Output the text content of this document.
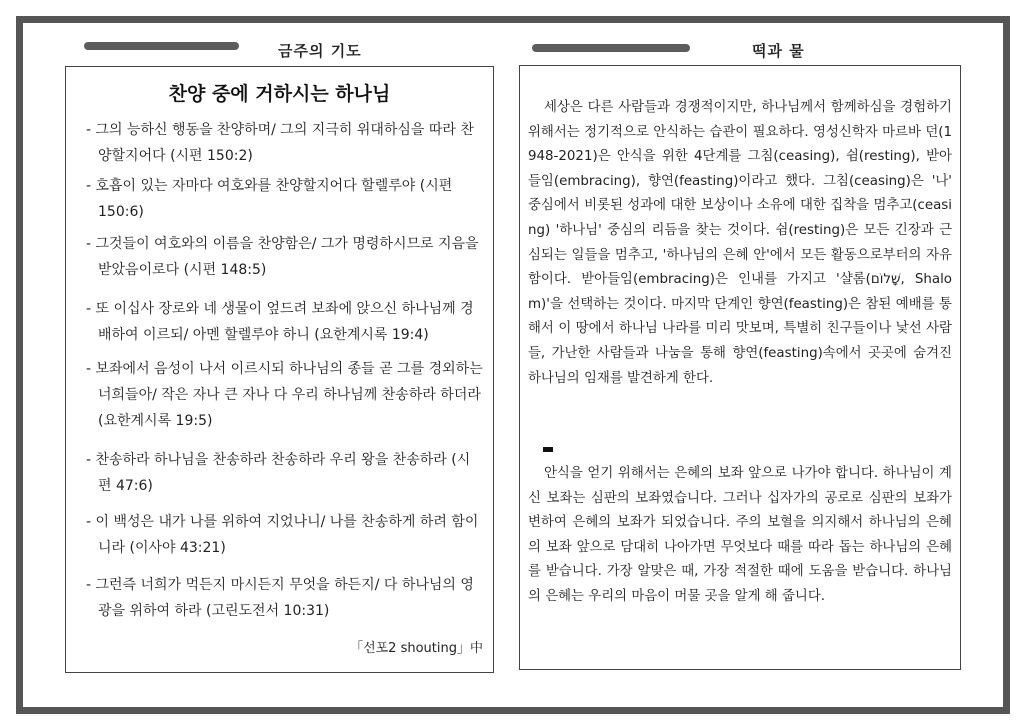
금주의 기도	떡과 물
찬양 중에 거하시는 하나님
- 그의 능하신 행동을 찬양하며/ 그의 지극히 위대하심을 따라 찬양할지어다 (시편 150:2)
- 호흡이 있는 자마다 여호와를 찬양할지어다 할렐루야 (시편 150:6)
- 그것들이 여호와의 이름을 찬양함은/ 그가 명령하시므로 지음을 받았음이로다 (시편 148:5)
- 또 이십사 장로와 네 생물이 엎드려 보좌에 앉으신 하나님께 경배하여 이르되/ 아멘 할렐루야 하니 (요한계시록 19:4)
- 보좌에서 음성이 나서 이르시되 하나님의 종들 곧 그를 경외하는 너희들아/ 작은 자나 큰 자나 다 우리 하나님께 찬송하라 하더라 (요한계시록 19:5)
- 찬송하라 하나님을 찬송하라 찬송하라 우리 왕을 찬송하라 (시편 47:6)
- 이 백성은 내가 나를 위하여 지었나니/ 나를 찬송하게 하려 함이니라 (이사야 43:21)
- 그런즉 너희가 먹든지 마시든지 무엇을 하든지/ 다 하나님의 영광을 위하여 하라 (고린도전서 10:31)
「선포2 shouting」中
세상은 다른 사람들과 경쟁적이지만, 하나님께서 함께하심을 경험하기 위해서는 정기적으로 안식하는 습관이 필요하다. 영성신학자 마르바 던(1948-2021)은 안식을 위한 4단계를 그침(ceasing), 쉼(resting), 받아들임(embracing), 향연(feasting)이라고 했다. 그침(ceasing)은 '나' 중심에서 비롯된 성과에 대한 보상이나 소유에 대한 집착을 멈추고(ceasing) '하나님' 중심의 리듬을 찾는 것이다. 쉼(resting)은 모든 긴장과 근심되는 일들을 멈추고, '하나님의 은혜 안'에서 모든 활동으로부터의 자유함이다. 받아들임(embracing)은 인내를 가지고 '샬롬(שָׁלוֹם, Shalom)'을 선택하는 것이다. 마지막 단계인 향연(feasting)은 참된 예배를 통해서 이 땅에서 하나님 나라를 미리 맛보며, 특별히 친구들이나 낯선 사람들, 가난한 사람들과 나눔을 통해 향연(feasting)속에서 곳곳에 숨겨진 하나님의 임재를 발견하게 한다.
안식을 얻기 위해서는 은혜의 보좌 앞으로 나가야 합니다. 하나님이 계신 보좌는 심판의 보좌였습니다. 그러나 십자가의 공로로 심판의 보좌가 변하여 은혜의 보좌가 되었습니다. 주의 보혈을 의지해서 하나님의 은혜의 보좌 앞으로 담대히 나아가면 무엇보다 때를 따라 돕는 하나님의 은혜를 받습니다. 가장 알맞은 때, 가장 적절한 때에 도움을 받습니다. 하나님의 은혜는 우리의 마음이 머물 곳을 알게 해 줍니다.
